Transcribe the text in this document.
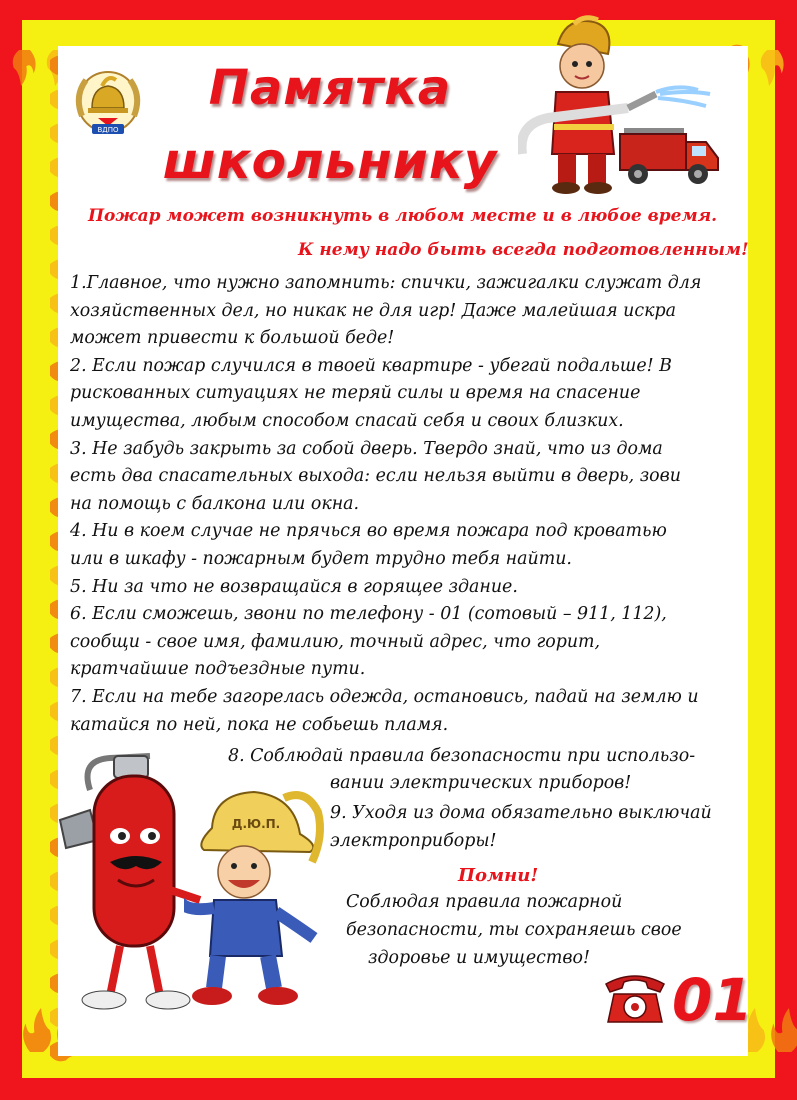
ВДПО
Памятка
школьнику
Пожар может возникнуть в любом месте и в любое время.
К нему надо быть всегда подготовленным!
1.Главное, что нужно запомнить: спички, зажигалки служат для
хозяйственных дел, но никак не для игр! Даже малейшая искра
может привести к большой беде!
2. Если пожар случился в твоей квартире - убегай подальше! В
рискованных ситуациях не теряй силы и время на спасение
имущества, любым способом спасай себя и своих близких.
3. Не забудь закрыть за собой дверь. Твердо знай, что из дома
есть два спасательных выхода: если нельзя выйти в дверь, зови
на помощь с балкона или окна.
4. Ни в коем случае не прячься во время пожара под кроватью
или в шкафу - пожарным будет трудно тебя найти.
5. Ни за что не возвращайся в горящее здание.
6. Если сможешь, звони по телефону - 01 (сотовый – 911, 112),
сообщи - свое имя, фамилию, точный адрес, что горит,
кратчайшие подъездные пути.
7. Если на тебе загорелась одежда, остановись, падай на землю и
катайся по ней, пока не собьешь пламя.
8. Соблюдай правила безопасности при использо-
вании электрических приборов!
9. Уходя из дома обязательно выключай
электроприборы!
Д.Ю.П.
Помни!
Соблюдая правила пожарной
безопасности, ты сохраняешь свое
здоровье и имущество!
01
